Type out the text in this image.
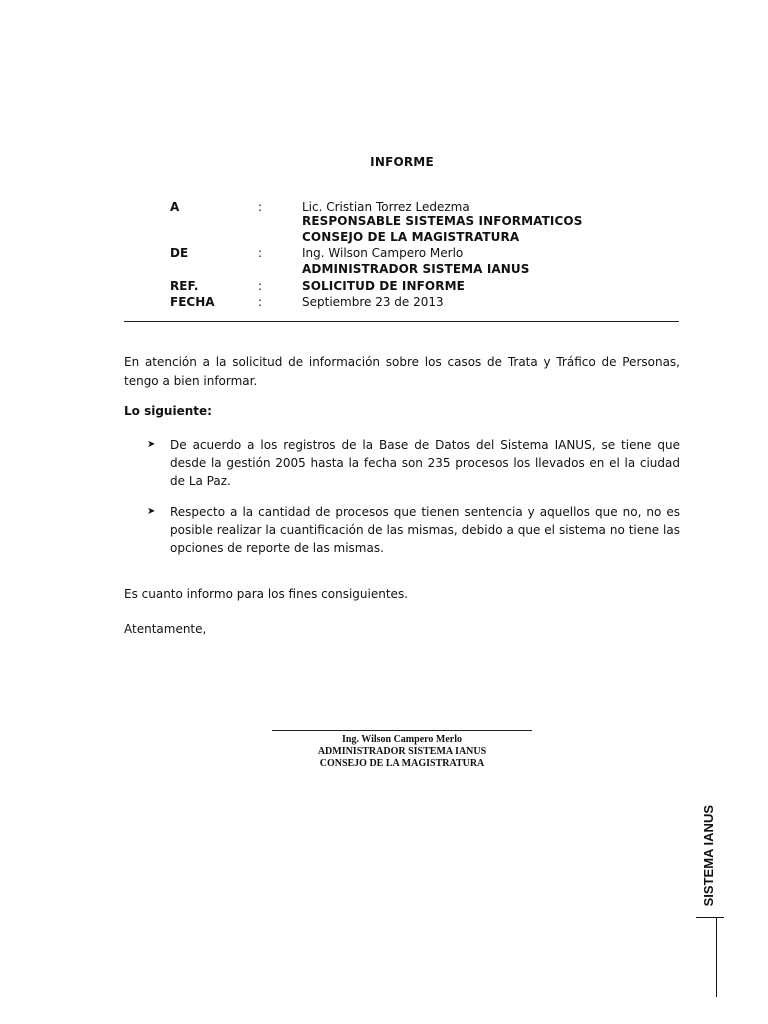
INFORME
A	:	Lic. Cristian Torrez Ledezma
RESPONSABLE SISTEMAS INFORMATICOS
CONSEJO DE LA MAGISTRATURA
DE	:	Ing. Wilson Campero Merlo
ADMINISTRADOR SISTEMA IANUS
REF.	:	SOLICITUD DE INFORME
FECHA	:	Septiembre 23 de 2013
En atención a la solicitud de información sobre los casos de Trata y Tráfico de Personas, tengo a bien informar.
Lo siguiente:
➤ De acuerdo a los registros de la Base de Datos del Sistema IANUS, se tiene que desde la gestión 2005 hasta la fecha son 235 procesos los llevados en el la ciudad de La Paz.
➤ Respecto a la cantidad de procesos que tienen sentencia y aquellos que no, no es posible realizar la cuantificación de las mismas, debido a que el sistema no tiene las opciones de reporte de las mismas.
Es cuanto informo para los fines consiguientes.
Atentamente,
Ing. Wilson Campero Merlo
ADMINISTRADOR SISTEMA IANUS
CONSEJO DE LA MAGISTRATURA
SISTEMA IANUS
